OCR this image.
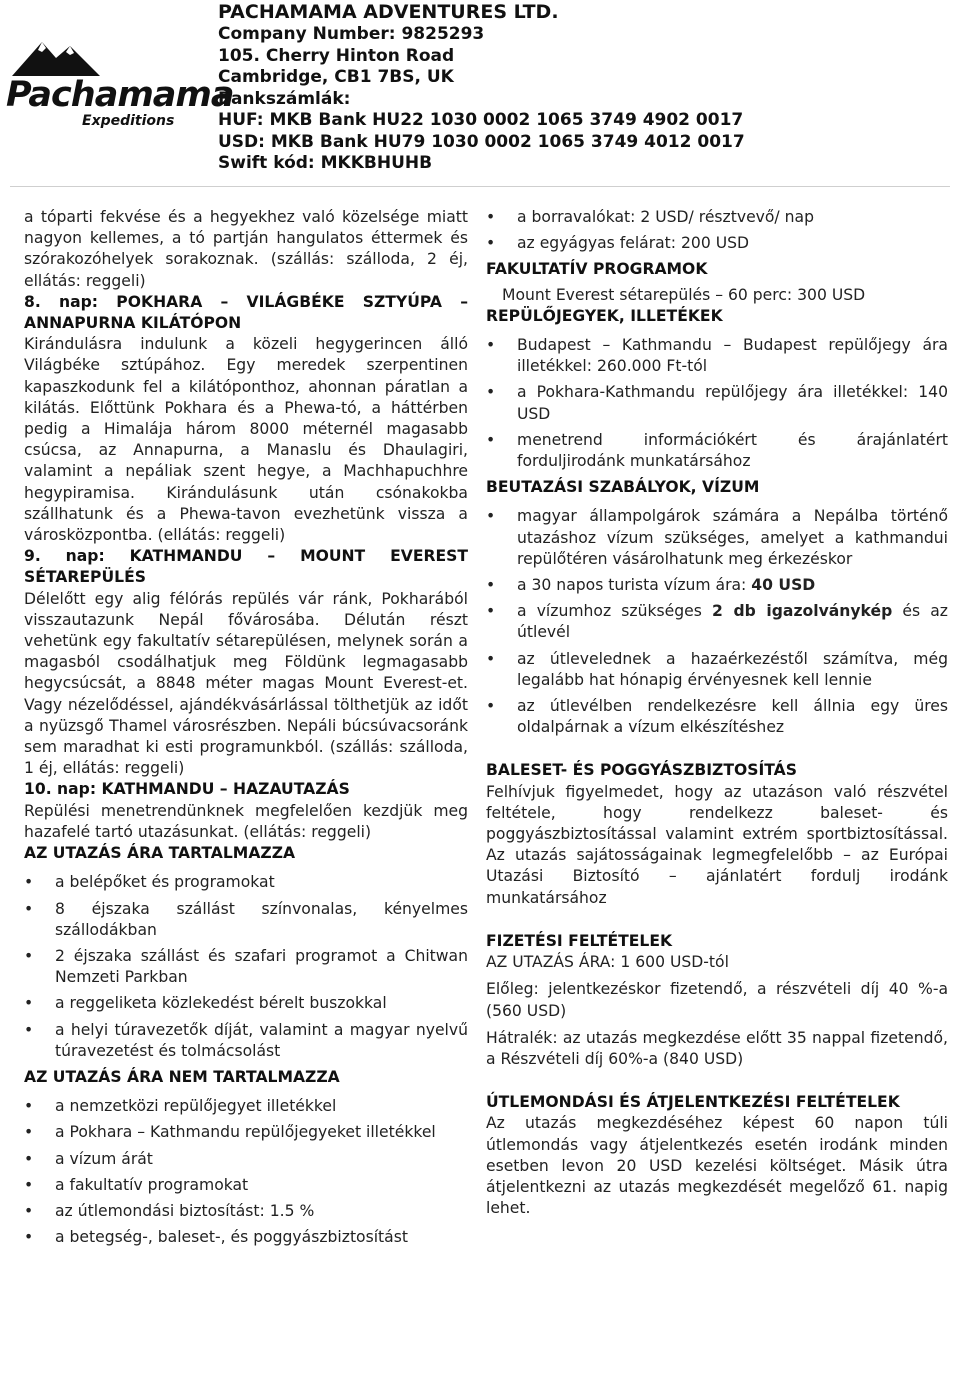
Pachamama
Expeditions
PACHAMAMA ADVENTURES LTD.
Company Number: 9825293
105. Cherry Hinton Road
Cambridge, CB1 7BS, UK
Bankszámlák:
HUF: MKB Bank HU22 1030 0002 1065 3749 4902 0017
USD: MKB Bank HU79 1030 0002 1065 3749 4012 0017
Swift kód: MKKBHUHB

a tóparti fekvése és a hegyekhez való közelsége miatt nagyon kellemes, a tó partján hangulatos éttermek és szórakozóhelyek sorakoznak. (szállás: szálloda, 2 éj, ellátás: reggeli)

8. nap: POKHARA – VILÁGBÉKE SZTYÚPA – ANNAPURNA KILÁTÓPON

Kirándulásra indulunk a közeli hegygerincen álló Világbéke sztúpához. Egy meredek szerpentinen kapaszkodunk fel a kilátóponthoz, ahonnan páratlan a kilátás. Előttünk Pokhara és a Phewa-tó, a háttérben pedig a Himalája három 8000 méternél magasabb csúcsa, az Annapurna, a Manaslu és Dhaulagiri, valamint a nepáliak szent hegye, a Machhapuchhre hegypiramisa. Kirándulásunk után csónakokba szállhatunk és a Phewa-tavon evezhetünk vissza a városközpontba. (ellátás: reggeli)

9. nap: KATHMANDU – MOUNT EVEREST SÉTAREPÜLÉS

Délelőtt egy alig félórás repülés vár ránk, Pokharából visszautazunk Nepál fővárosába. Délután részt vehetünk egy fakultatív sétarepülésen, melynek során a magasból csodálhatjuk meg Földünk legmagasabb hegycsúcsát, a 8848 méter magas Mount Everest-et. Vagy nézelődéssel, ajándékvásárlással tölthetjük az időt a nyüzsgő Thamel városrészben. Nepáli búcsúvacsoránk sem maradhat ki esti programunkból. (szállás: szálloda, 1 éj, ellátás: reggeli)

10. nap: KATHMANDU – HAZAUTAZÁS

Repülési menetrendünknek megfelelően kezdjük meg hazafelé tartó utazásunkat. (ellátás: reggeli)

AZ UTAZÁS ÁRA TARTALMAZZA

• a belépőket és programokat
• 8 éjszaka szállást színvonalas, kényelmes szállodákban
• 2 éjszaka szállást és szafari programot a Chitwan Nemzeti Parkban
• a reggeliketa közlekedést bérelt buszokkal
• a helyi túravezetők díját, valamint a magyar nyelvű túravezetést és tolmácsolást

AZ UTAZÁS ÁRA NEM TARTALMAZZA

• a nemzetközi repülőjegyet illetékkel
• a Pokhara – Kathmandu repülőjegyeket illetékkel
• a vízum árát
• a fakultatív programokat
• az útlemondási biztosítást: 1.5 %
• a betegség-, baleset-, és poggyászbiztosítást
• a borravalókat: 2 USD/ résztvevő/ nap
• az egyágyas felárat: 200 USD

FAKULTATÍV PROGRAMOK

Mount Everest sétarepülés – 60 perc: 300 USD

REPÜLŐJEGYEK, ILLETÉKEK

• Budapest – Kathmandu – Budapest repülőjegy ára illetékkel: 260.000 Ft-tól
• a Pokhara-Kathmandu repülőjegy ára illetékkel: 140 USD
• menetrend információkért és árajánlatért forduljirodánk munkatársához

BEUTAZÁSI SZABÁLYOK, VÍZUM

• magyar állampolgárok számára a Nepálba történő utazáshoz vízum szükséges, amelyet a kathmandui repülőtéren vásárolhatunk meg érkezéskor
• a 30 napos turista vízum ára: 40 USD
• a vízumhoz szükséges 2 db igazolványkép és az útlevél
• az útlevelednek a hazaérkezéstől számítva, még legalább hat hónapig érvényesnek kell lennie
• az útlevélben rendelkezésre kell állnia egy üres oldalpárnak a vízum elkészítéshez

BALESET- ÉS POGGYÁSZBIZTOSÍTÁS

Felhívjuk figyelmedet, hogy az utazáson való részvétel feltétele, hogy rendelkezz baleset- és poggyászbiztosítással valamint extrém sportbiztosítással. Az utazás sajátosságainak legmegfelelőbb – az Európai Utazási Biztosító – ajánlatért fordulj irodánk munkatársához

FIZETÉSI FELTÉTELEK

AZ UTAZÁS ÁRA: 1 600 USD-tól

Előleg: jelentkezéskor fizetendő, a részvételi díj 40 %-a (560 USD)

Hátralék: az utazás megkezdése előtt 35 nappal fizetendő, a Részvételi díj 60%-a (840 USD)

ÚTLEMONDÁSI ÉS ÁTJELENTKEZÉSI FELTÉTELEK

Az utazás megkezdéséhez képest 60 napon túli útlemondás vagy átjelentkezés esetén irodánk minden esetben levon 20 USD kezelési költséget. Másik útra átjelentkezni az utazás megkezdését megelőző 61. napig lehet.
